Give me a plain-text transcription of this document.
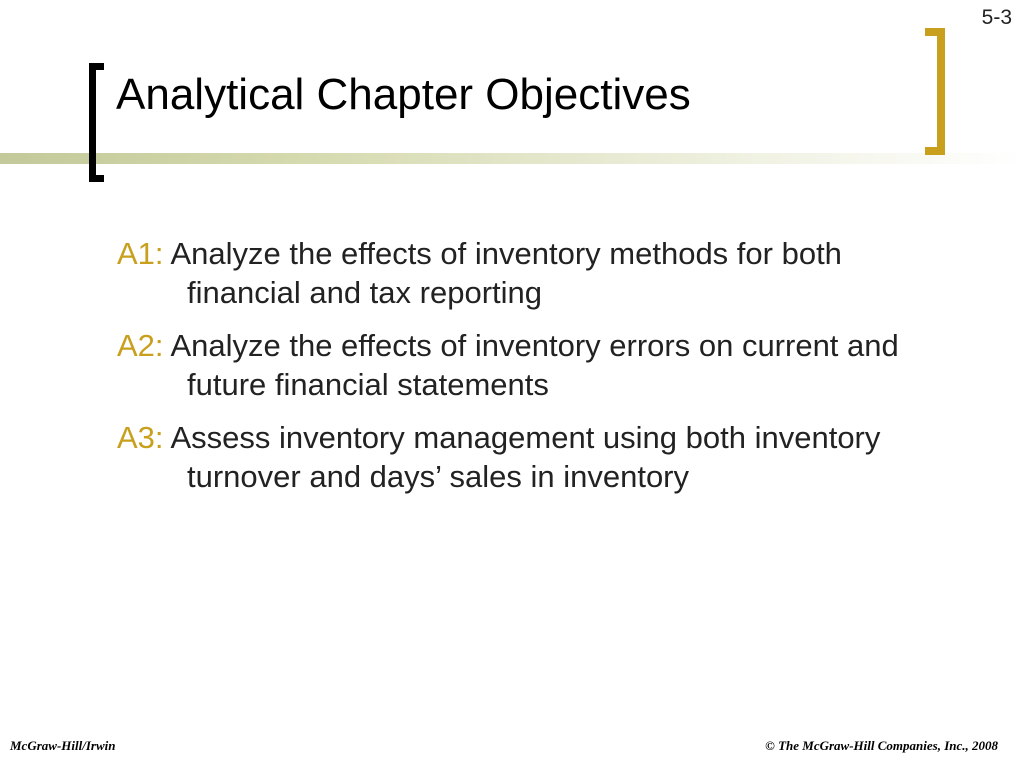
5-3
Analytical Chapter Objectives
A1: Analyze the effects of inventory methods for both financial and tax reporting
A2: Analyze the effects of inventory errors on current and future financial statements
A3: Assess inventory management using both inventory turnover and days’ sales in inventory
McGraw-Hill/Irwin	© The McGraw-Hill Companies, Inc., 2008
